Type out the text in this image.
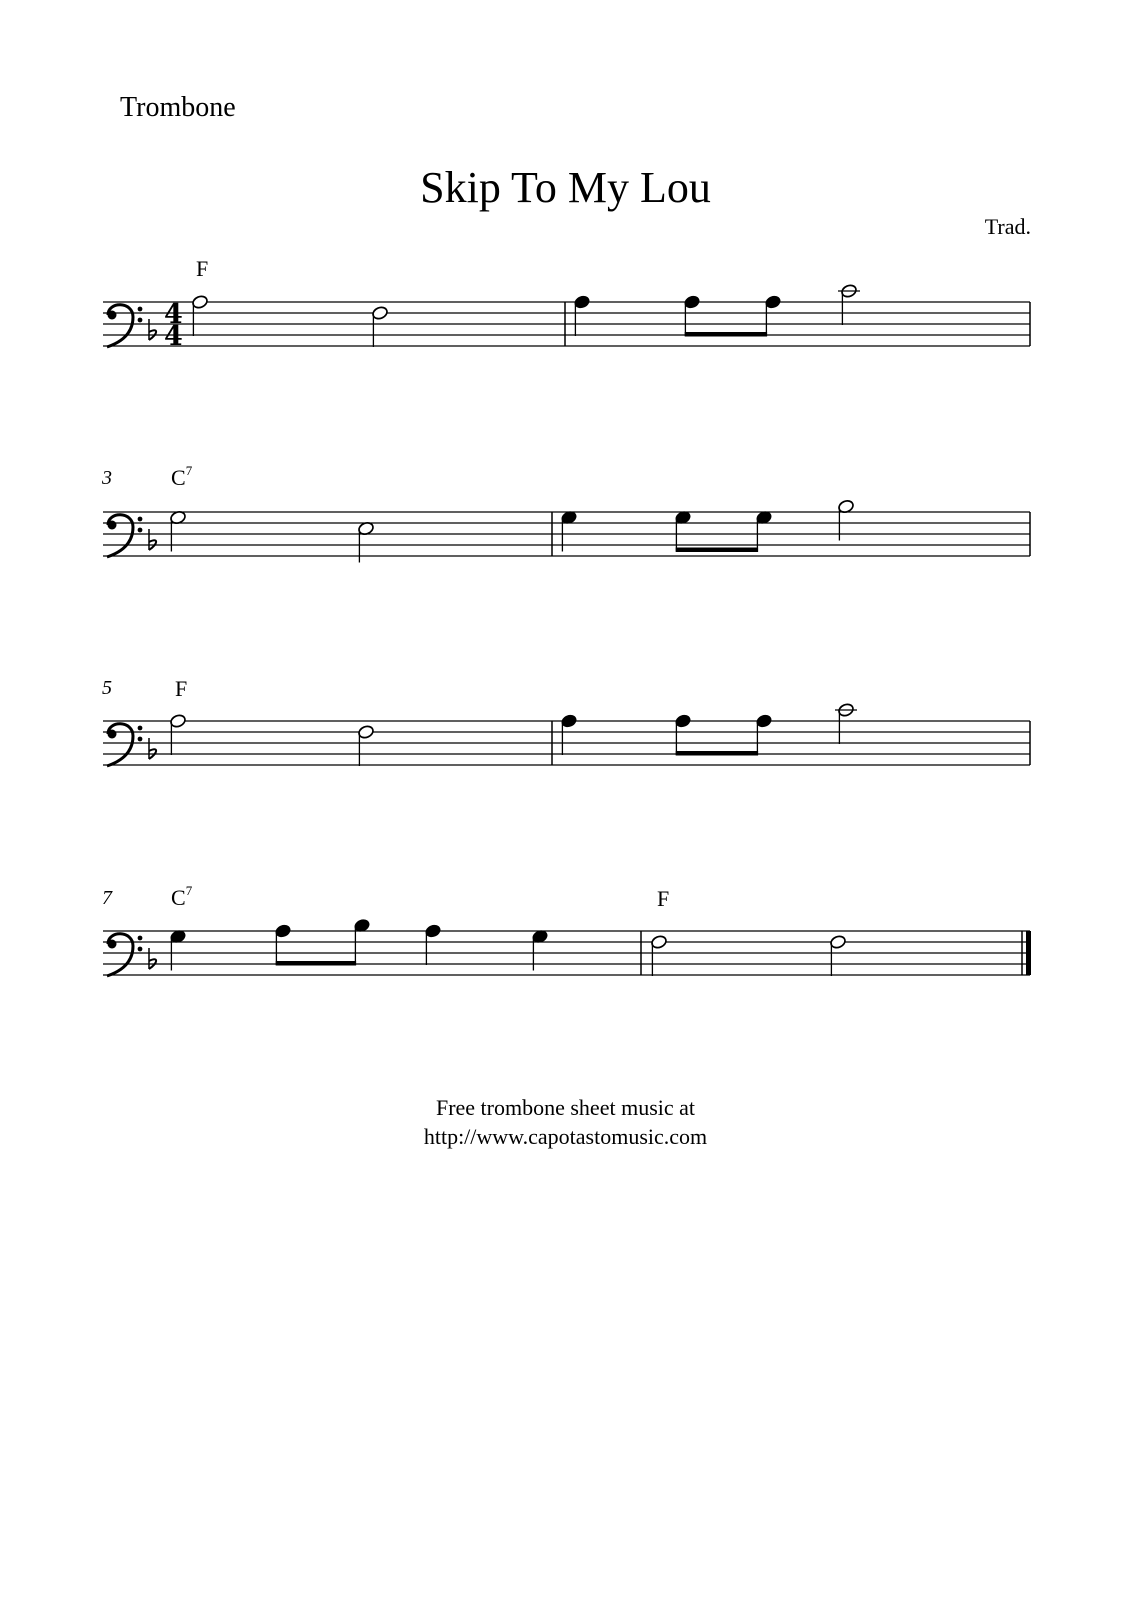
Trombone
Skip To My Lou
Trad.
F
3	$C^7$
5	F
7	$C^7$	F
4
4
Free trombone sheet music at
http://www.capotastomusic.com
